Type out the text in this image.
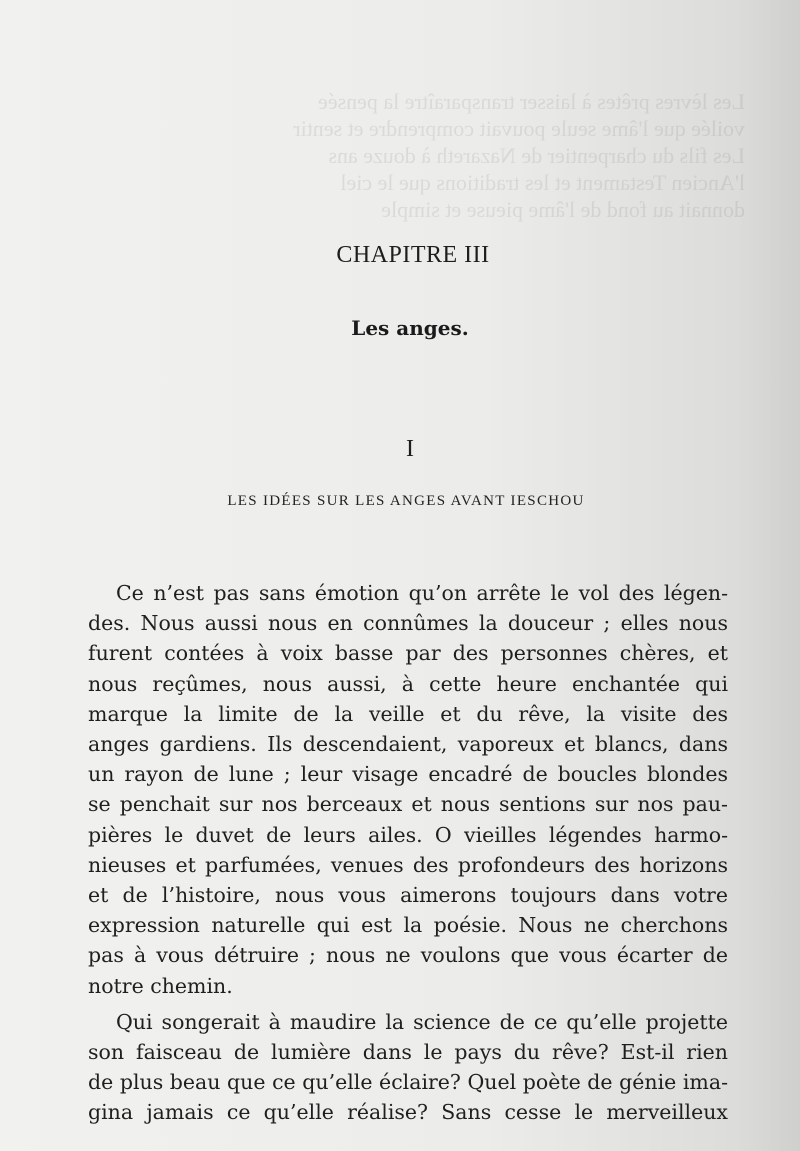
Les lèvres prêtes à laisser transparaître la pensée
voilée que l'âme seule pouvait comprendre et sentir
Les fils du charpentier de Nazareth à douze ans
l'Ancien Testament et les traditions que le ciel
donnait au fond de l'âme pieuse et simple
CHAPITRE III
Les anges.
I
LES IDÉES SUR LES ANGES AVANT IESCHOU
Ce n’est pas sans émotion qu’on arrête le vol des légen-
des. Nous aussi nous en connûmes la douceur ; elles nous
furent contées à voix basse par des personnes chères, et
nous reçûmes, nous aussi, à cette heure enchantée qui
marque la limite de la veille et du rêve, la visite des
anges gardiens. Ils descendaient, vaporeux et blancs, dans
un rayon de lune ; leur visage encadré de boucles blondes
se penchait sur nos berceaux et nous sentions sur nos pau-
pières le duvet de leurs ailes. O vieilles légendes harmo-
nieuses et parfumées, venues des profondeurs des horizons
et de l’histoire, nous vous aimerons toujours dans votre
expression naturelle qui est la poésie. Nous ne cherchons
pas à vous détruire ; nous ne voulons que vous écarter de
notre chemin.
Qui songerait à maudire la science de ce qu’elle projette
son faisceau de lumière dans le pays du rêve? Est-il rien
de plus beau que ce qu’elle éclaire? Quel poète de génie ima-
gina jamais ce qu’elle réalise? Sans cesse le merveilleux
